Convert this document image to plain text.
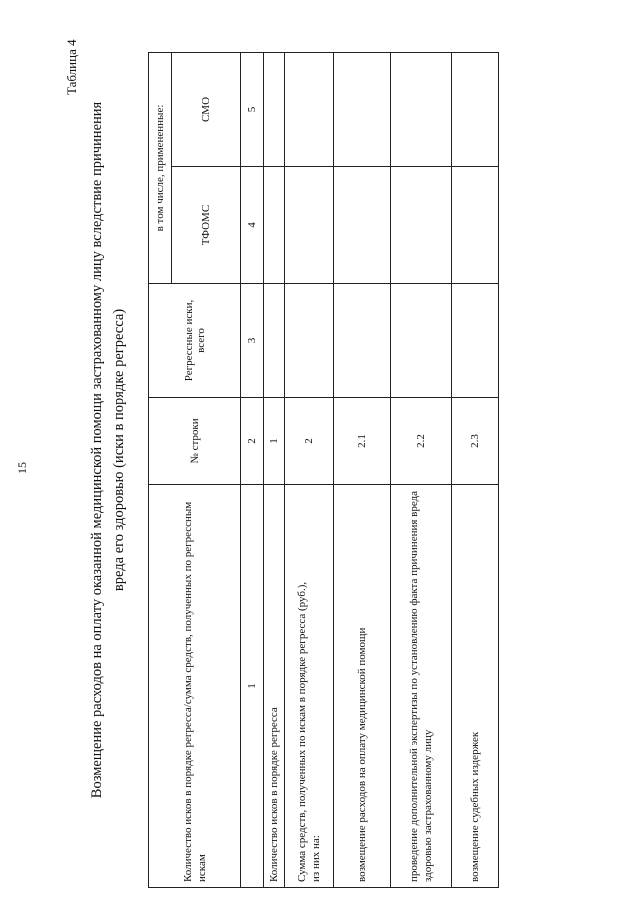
15
Таблица 4
Возмещение расходов на оплату оказанной медицинской помощи застрахованному лицу вследствие причинения вреда его здоровью (иски в порядке регресса)
Количество исков в порядке регресса/сумма средств, полученных по регрессным искам	№ строки	Регрессные иски, всего	в том числе, примененные:	
			ТФОМС	СМО
1	2	3	4	5
Количество исков в порядке регресса	1			

Сумма средств, полученных по искам в порядке регресса (руб.), из них на:	2			
возмещение расходов на оплату медицинской помощи	2.1			
проведение дополнительной экспертизы по установлению факта причинения вреда здоровью застрахованному лицу	2.2			
возмещение судебных издержек	2.3			
